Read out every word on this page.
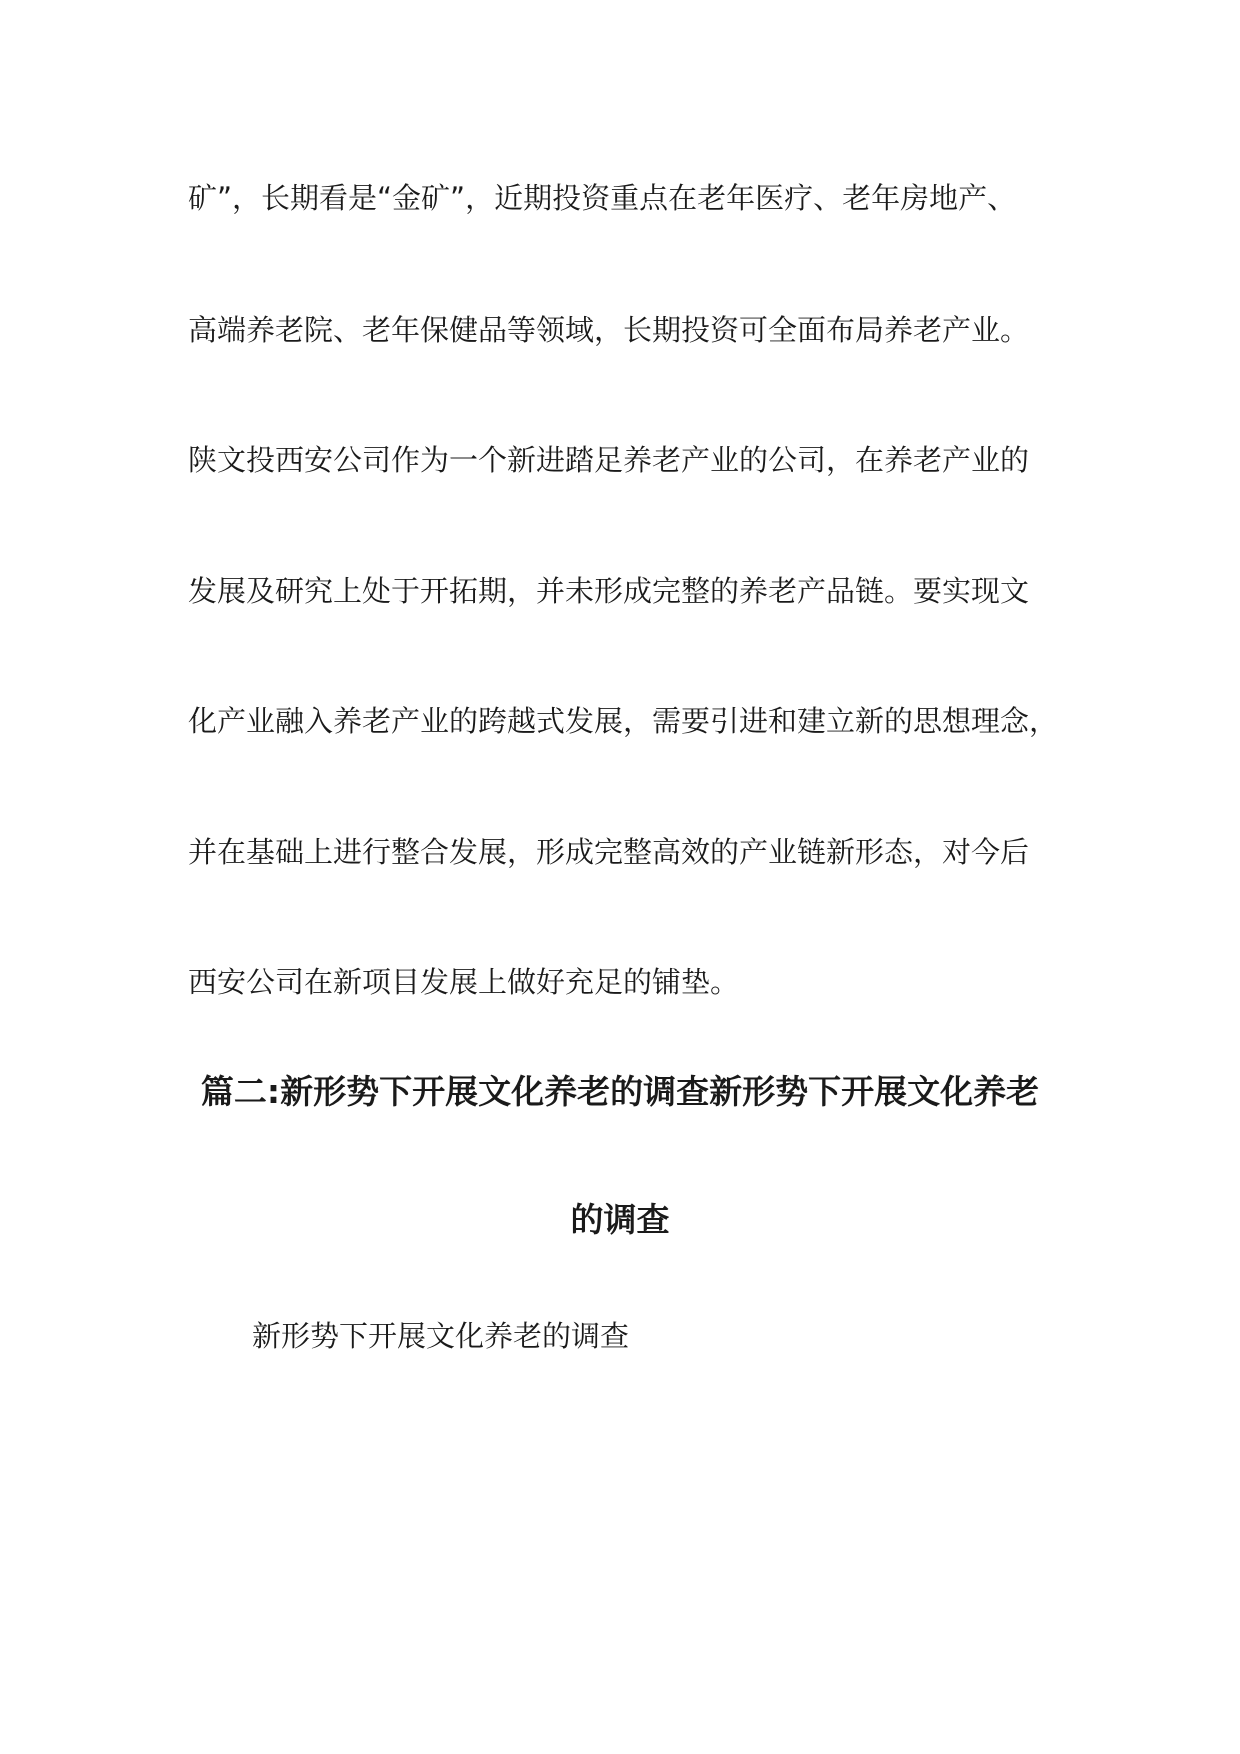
矿”，长期看是“金矿”，近期投资重点在老年医疗、老年房地产、
高端养老院、老年保健品等领域，长期投资可全面布局养老产业。
陕文投西安公司作为一个新进踏足养老产业的公司，在养老产业的
发展及研究上处于开拓期，并未形成完整的养老产品链。要实现文
化产业融入养老产业的跨越式发展，需要引进和建立新的思想理念，
并在基础上进行整合发展，形成完整高效的产业链新形态，对今后
西安公司在新项目发展上做好充足的铺垫。
篇二:新形势下开展文化养老的调查新形势下开展文化养老
的调查
新形势下开展文化养老的调查
